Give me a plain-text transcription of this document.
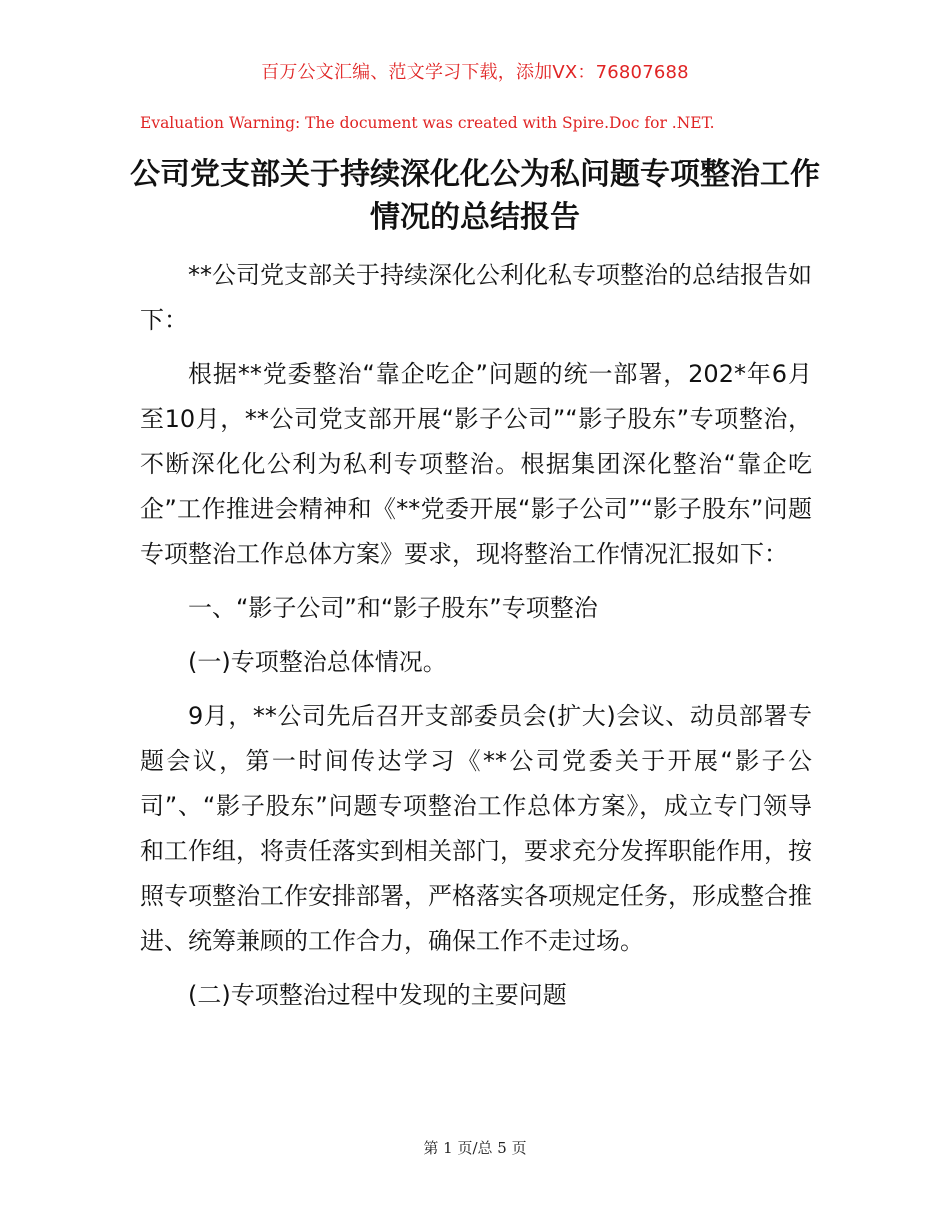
百万公文汇编、范文学习下载，添加VX：76807688
Evaluation Warning: The document was created with Spire.Doc for .NET.
公司党支部关于持续深化化公为私问题专项整治工作情况的总结报告

**公司党支部关于持续深化公利化私专项整治的总结报告如下：

根据**党委整治“靠企吃企”问题的统一部署，202*年6月至10月，**公司党支部开展“影子公司”“影子股东”专项整治，不断深化化公利为私利专项整治。根据集团深化整治“靠企吃企”工作推进会精神和《**党委开展“影子公司”“影子股东”问题专项整治工作总体方案》要求，现将整治工作情况汇报如下：

一、“影子公司”和“影子股东”专项整治

(一)专项整治总体情况。

9月，**公司先后召开支部委员会(扩大)会议、动员部署专题会议，第一时间传达学习《**公司党委关于开展“影子公司”、“影子股东”问题专项整治工作总体方案》，成立专门领导和工作组，将责任落实到相关部门，要求充分发挥职能作用，按照专项整治工作安排部署，严格落实各项规定任务，形成整合推进、统筹兼顾的工作合力，确保工作不走过场。

(二)专项整治过程中发现的主要问题

第 1 页/总 5 页
